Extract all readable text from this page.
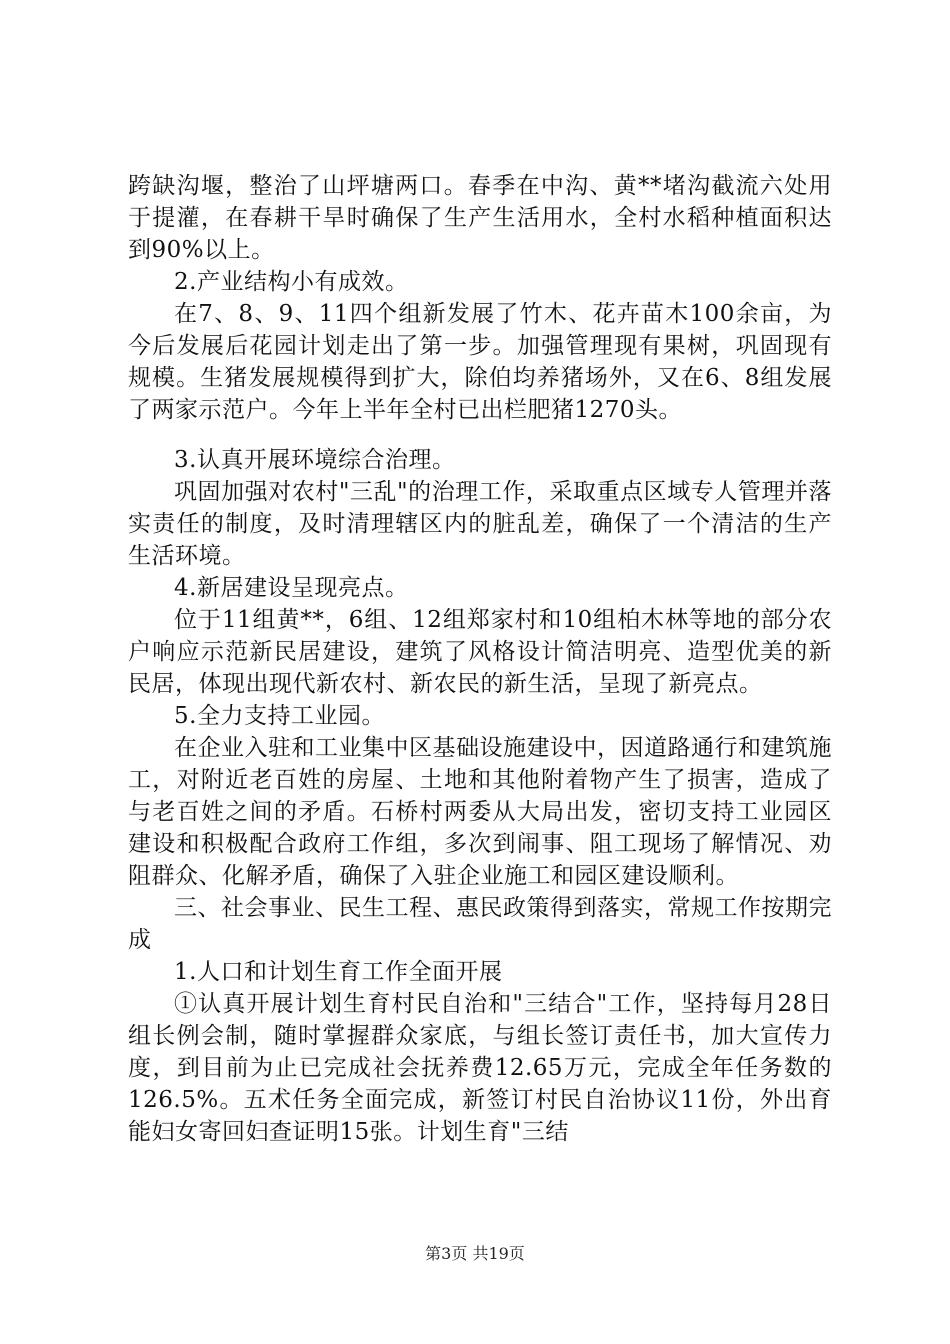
跨缺沟堰，整治了山坪塘两口。春季在中沟、黄**堵沟截流六处用于提灌，在春耕干旱时确保了生产生活用水，全村水稻种植面积达到90%以上。

2.产业结构小有成效。

在7、8、9、11四个组新发展了竹木、花卉苗木100余亩，为今后发展后花园计划走出了第一步。加强管理现有果树，巩固现有规模。生猪发展规模得到扩大，除伯均养猪场外，又在6、8组发展了两家示范户。今年上半年全村已出栏肥猪1270头。

3.认真开展环境综合治理。

巩固加强对农村"三乱"的治理工作，采取重点区域专人管理并落实责任的制度，及时清理辖区内的脏乱差，确保了一个清洁的生产生活环境。

4.新居建设呈现亮点。

位于11组黄**，6组、12组郑家村和10组柏木林等地的部分农户响应示范新民居建设，建筑了风格设计简洁明亮、造型优美的新民居，体现出现代新农村、新农民的新生活，呈现了新亮点。

5.全力支持工业园。

在企业入驻和工业集中区基础设施建设中，因道路通行和建筑施工，对附近老百姓的房屋、土地和其他附着物产生了损害，造成了与老百姓之间的矛盾。石桥村两委从大局出发，密切支持工业园区建设和积极配合政府工作组，多次到闹事、阻工现场了解情况、劝阻群众、化解矛盾，确保了入驻企业施工和园区建设顺利。

三、社会事业、民生工程、惠民政策得到落实，常规工作按期完成

1.人口和计划生育工作全面开展

①认真开展计划生育村民自治和"三结合"工作，坚持每月28日组长例会制，随时掌握群众家底，与组长签订责任书，加大宣传力度，到目前为止已完成社会抚养费12.65万元，完成全年任务数的126.5%。五术任务全面完成，新签订村民自治协议11份，外出育能妇女寄回妇查证明15张。计划生育"三结

第3页 共19页
